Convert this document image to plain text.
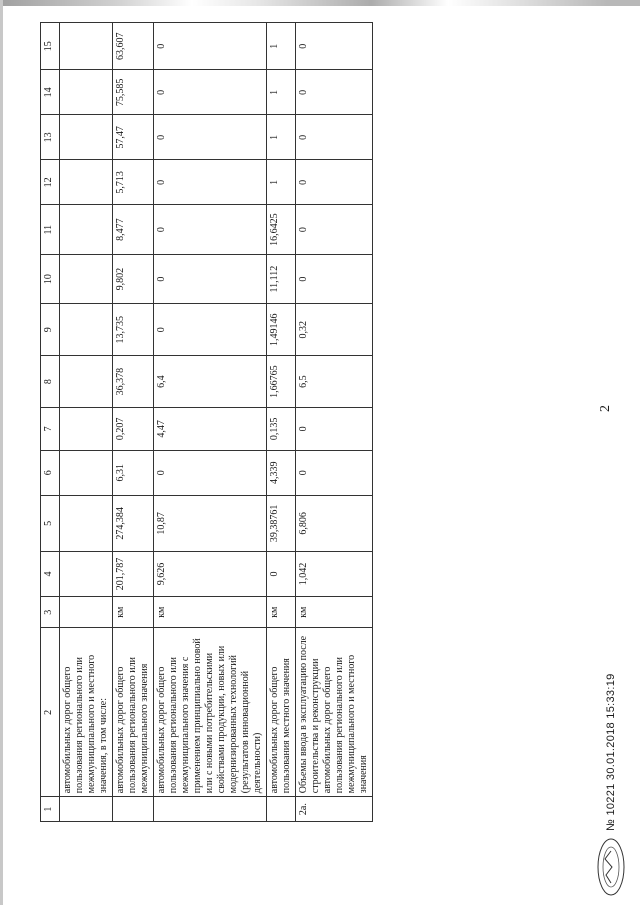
2
1	2	3	4	5	6	7	8	9	10	11	12	13	14	15
	автомобильных дорог общего пользования регионального или межмуниципального и местного значения, в том числе:													
	автомобильных дорог общего пользования регионального или межмуниципального значения	км	201,787	274,384	6,31	0,207	36,378	13,735	9,802	8,477	5,713	57,47	75,585	63,607
	автомобильных дорог общего пользования регионального или межмуниципального значения с применением принципиально новой или с новыми потребительскими свойствами продукции, новых или модернизированных технологий (результатов инновационной деятельности)	км	9,626	10,87	0	4,47	6,4	0	0	0	0	0	0	0
	автомобильных дорог общего пользования местного значения	км	0	39,38761	4,339	0,135	1,66765	1,49146	11,112	16,6425	1	1	1	1
2а.	Объемы ввода в эксплуатацию после строительства и реконструкции автомобильных дорог общего пользования регионального или межмуниципального и местного значения	км	1,042	6,806	0	0	6,5	0,32	0	0	0	0	0	0
№ 10221 30.01.2018 15:33:19
